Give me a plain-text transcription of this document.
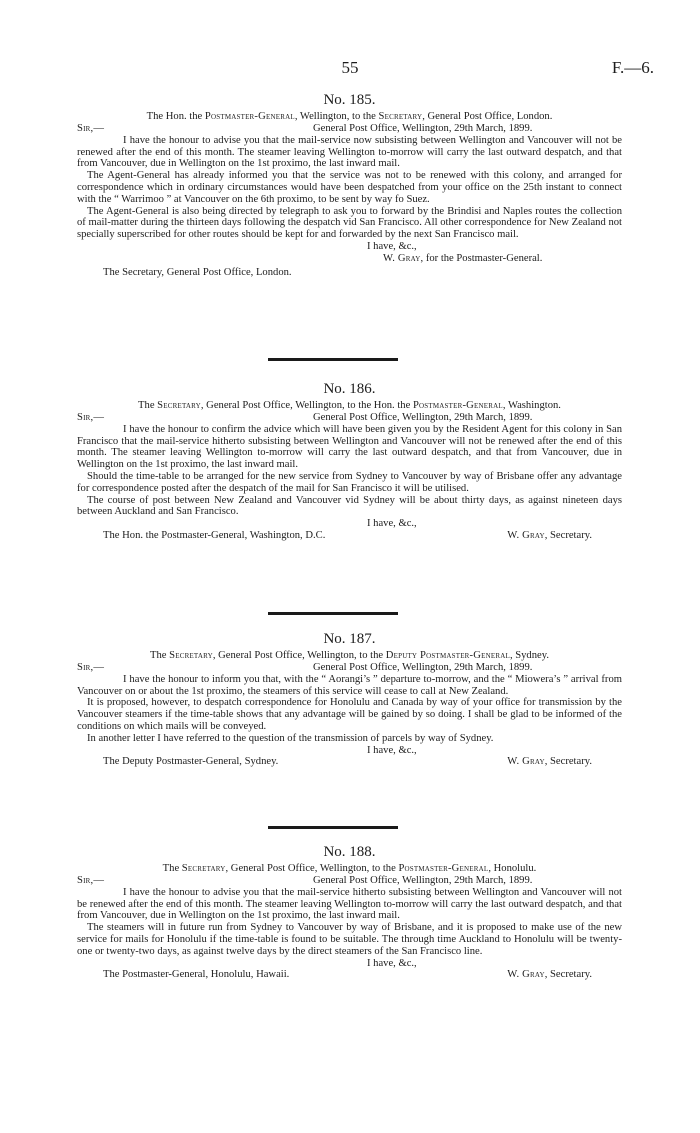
55	F.—6.
No. 185.
The Hon. the Postmaster-General, Wellington, to the Secretary, General Post Office, London.
Sir,—	General Post Office, Wellington, 29th March, 1899.

I have the honour to advise you that the mail-service now subsisting between Wellington and Vancouver will not be renewed after the end of this month. The steamer leaving Wellington to-morrow will carry the last outward despatch, and that from Vancouver, due in Wellington on the 1st proximo, the last inward mail.

The Agent-General has already informed you that the service was not to be renewed with this colony, and arranged for correspondence which in ordinary circumstances would have been despatched from your office on the 25th instant to connect with the “ Warrimoo ” at Vancouver on the 6th proximo, to be sent by way fo Suez.

The Agent-General is also being directed by telegraph to ask you to forward by the Brindisi and Naples routes the collection of mail-matter during the thirteen days following the despatch vid San Francisco. All other correspondence for New Zealand not specially superscribed for other routes should be kept for and forwarded by the next San Francisco mail.

I have, &c.,
W. Gray, for the Postmaster-General.
The Secretary, General Post Office, London.
No. 186.
The Secretary, General Post Office, Wellington, to the Hon. the Postmaster-General, Washington.
Sir,—	General Post Office, Wellington, 29th March, 1899.

I have the honour to confirm the advice which will have been given you by the Resident Agent for this colony in San Francisco that the mail-service hitherto subsisting between Wellington and Vancouver will not be renewed after the end of this month. The steamer leaving Wellington to-morrow will carry the last outward despatch, and that from Vancouver, due in Wellington on the 1st proximo, the last inward mail.

Should the time-table to be arranged for the new service from Sydney to Vancouver by way of Brisbane offer any advantage for correspondence posted after the despatch of the mail for San Francisco it will be utilised.

The course of post between New Zealand and Vancouver vid Sydney will be about thirty days, as against nineteen days between Auckland and San Francisco.

I have, &c.,
The Hon. the Postmaster-General, Washington, D.C.	W. Gray, Secretary.
No. 187.
The Secretary, General Post Office, Wellington, to the Deputy Postmaster-General, Sydney.
Sir,—	General Post Office, Wellington, 29th March, 1899.

I have the honour to inform you that, with the “ Aorangi’s ” departure to-morrow, and the “ Miowera’s ” arrival from Vancouver on or about the 1st proximo, the steamers of this service will cease to call at New Zealand.

It is proposed, however, to despatch correspondence for Honolulu and Canada by way of your office for transmission by the Vancouver steamers if the time-table shows that any advantage will be gained by so doing. I shall be glad to be informed of the conditions on which mails will be conveyed.

In another letter I have referred to the question of the transmission of parcels by way of Sydney.

I have, &c.,
The Deputy Postmaster-General, Sydney.	W. Gray, Secretary.
No. 188.
The Secretary, General Post Office, Wellington, to the Postmaster-General, Honolulu.
Sir,—	General Post Office, Wellington, 29th March, 1899.

I have the honour to advise you that the mail-service hitherto subsisting between Wellington and Vancouver will not be renewed after the end of this month. The steamer leaving Wellington to-morrow will carry the last outward despatch, and that from Vancouver, due in Wellington on the 1st proximo, the last inward mail.

The steamers will in future run from Sydney to Vancouver by way of Brisbane, and it is proposed to make use of the new service for mails for Honolulu if the time-table is found to be suitable. The through time Auckland to Honolulu will be twenty-one or twenty-two days, as against twelve days by the direct steamers of the San Francisco line.

I have, &c.,
The Postmaster-General, Honolulu, Hawaii.	W. Gray, Secretary.
